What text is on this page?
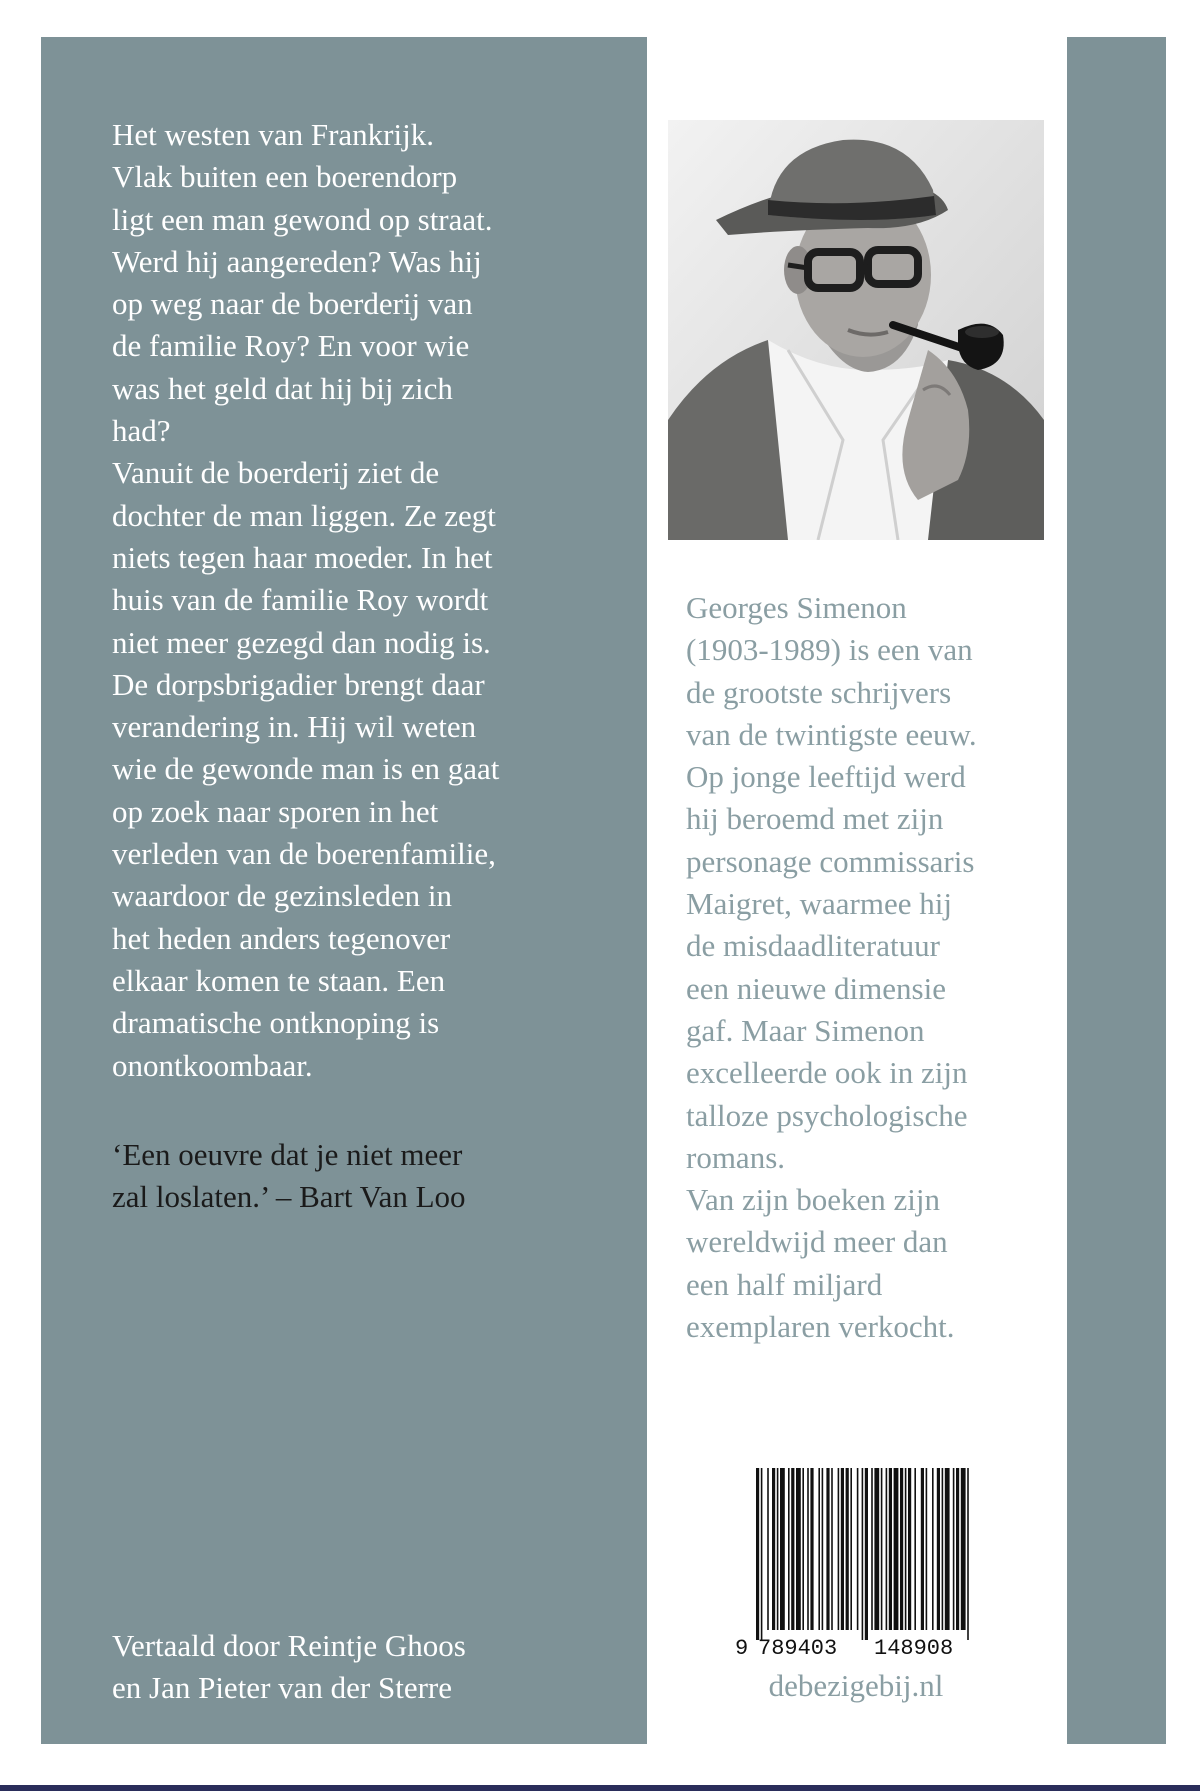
Het westen van Frankrijk.
Vlak buiten een boerendorp
ligt een man gewond op straat.
Werd hij aangereden? Was hij
op weg naar de boerderij van
de familie Roy? En voor wie
was het geld dat hij bij zich
had?

Vanuit de boerderij ziet de
dochter de man liggen. Ze zegt
niets tegen haar moeder. In het
huis van de familie Roy wordt
niet meer gezegd dan nodig is.
De dorpsbrigadier brengt daar
verandering in. Hij wil weten
wie de gewonde man is en gaat
op zoek naar sporen in het
verleden van de boerenfamilie,
waardoor de gezinsleden in
het heden anders tegenover
elkaar komen te staan. Een
dramatische ontknoping is
onontkoombaar.

‘Een oeuvre dat je niet meer
zal loslaten.’ – Bart Van Loo
Vertaald door Reintje Ghoos
en Jan Pieter van der Sterre

Georges Simenon
(1903-1989) is een van
de grootste schrijvers
van de twintigste eeuw.
Op jonge leeftijd werd
hij beroemd met zijn
personage commissaris
Maigret, waarmee hij
de misdaadliteratuur
een nieuwe dimensie
gaf. Maar Simenon
excelleerde ook in zijn
talloze psychologische
romans.

Van zijn boeken zijn
wereldwijd meer dan
een half miljard
exemplaren verkocht.

9 789403 148908
debezigebij.nl
